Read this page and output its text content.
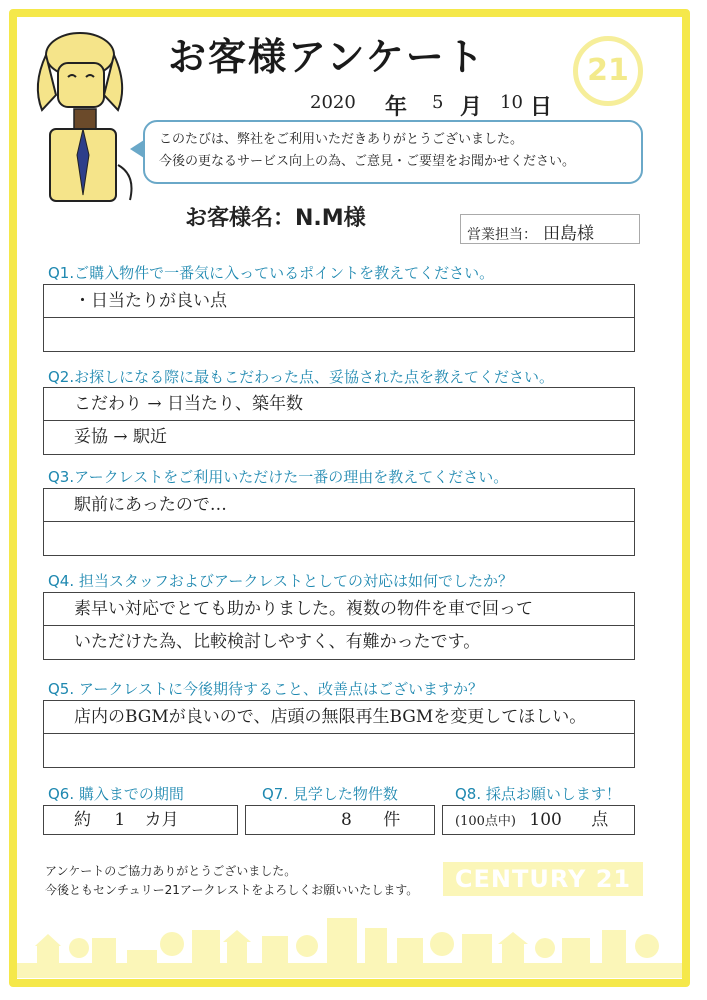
お客様アンケート	21
2020 年 5 月 10 日
このたびは、弊社をご利用いただきありがとうございました。
今後の更なるサービス向上の為、ご意見・ご要望をお聞かせください。
お客様名：N.M様
営業担当： 田島様
Q1.ご購入物件で一番気に入っているポイントを教えてください。
・日当たりが良い点
Q2.お探しになる際に最もこだわった点、妥協された点を教えてください。
こだわり → 日当たり、築年数
妥協 → 駅近
Q3.アークレストをご利用いただけた一番の理由を教えてください。
駅前にあったので…
Q4. 担当スタッフおよびアークレストとしての対応は如何でしたか？
素早い対応でとても助かりました。複数の物件を車で回って
いただけた為、比較検討しやすく、有難かったです。
Q5. アークレストに今後期待すること、改善点はございますか？
店内のBGMが良いので、店頭の無限再生BGMを変更してほしい。
Q6. 購入までの期間	Q7. 見学した物件数	Q8. 採点お願いします！
約 1 カ月	8 件	(100点中) 100 点
アンケートのご協力ありがとうございました。
今後ともセンチュリー21アークレストをよろしくお願いいたします。	CENTURY 21
